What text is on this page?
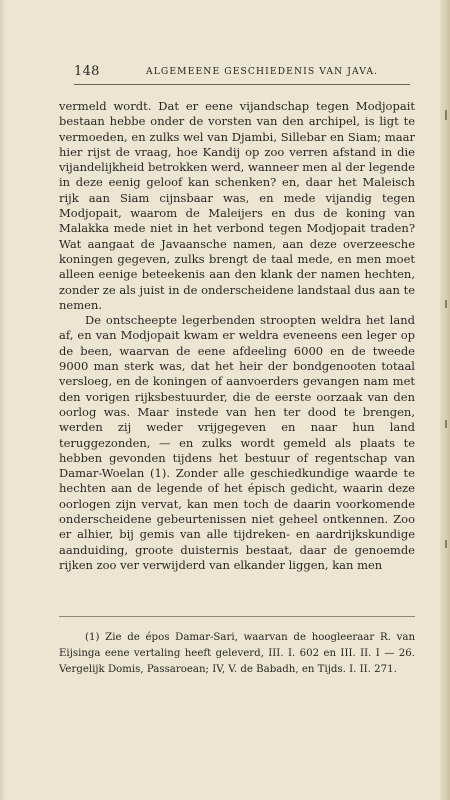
148	ALGEMEENE GESCHIEDENIS VAN JAVA.

vermeld wordt. Dat er eene vijandschap tegen Modjopait bestaan hebbe onder de vorsten van den archipel, is ligt te vermoeden, en zulks wel van Djambi, Sillebar en Siam; maar hier rijst de vraag, hoe Kandij op zoo verren afstand in die vijandelijkheid betrokken werd, wanneer men al der legende in deze eenig geloof kan schenken? en, daar het Maleisch rijk aan Siam cijnsbaar was, en mede vijandig tegen Modjopait, waarom de Maleijers en dus de koning van Malakka mede niet in het verbond tegen Modjopait traden? Wat aangaat de Javaansche namen, aan deze overzeesche koningen gegeven, zulks brengt de taal mede, en men moet alleen eenige beteekenis aan den klank der namen hechten, zonder ze als juist in de onderscheidene landstaal dus aan te nemen.

De ontscheepte legerbenden stroopten weldra het land af, en van Modjopait kwam er weldra eveneens een leger op de been, waarvan de eene afdeeling 6000 en de tweede 9000 man sterk was, dat het heir der bondgenooten totaal versloeg, en de koningen of aanvoerders gevangen nam met den vorigen rijksbestuurder, die de eerste oorzaak van den oorlog was. Maar instede van hen ter dood te brengen, werden zij weder vrijgegeven en naar hun land teruggezonden, — en zulks wordt gemeld als plaats te hebben gevonden tijdens het bestuur of regentschap van Damar-Woelan (1). Zonder alle geschiedkundige waarde te hechten aan de legende of het épisch gedicht, waarin deze oorlogen zijn vervat, kan men toch de daarin voorkomende onderscheidene gebeurtenissen niet geheel ontkennen. Zoo er alhier, bij gemis van alle tijdreken- en aardrijkskundige aanduiding, groote duisternis bestaat, daar de genoemde rijken zoo ver verwijderd van elkander liggen, kan men

(1) Zie de épos Damar-Sari, waarvan de hoogleeraar R. van Eijsinga eene vertaling heeft geleverd, III. I. 602 en III. II. I — 26. Vergelijk Domis, Passaroean; IV, V. de Babadh, en Tijds. I. II. 271.
